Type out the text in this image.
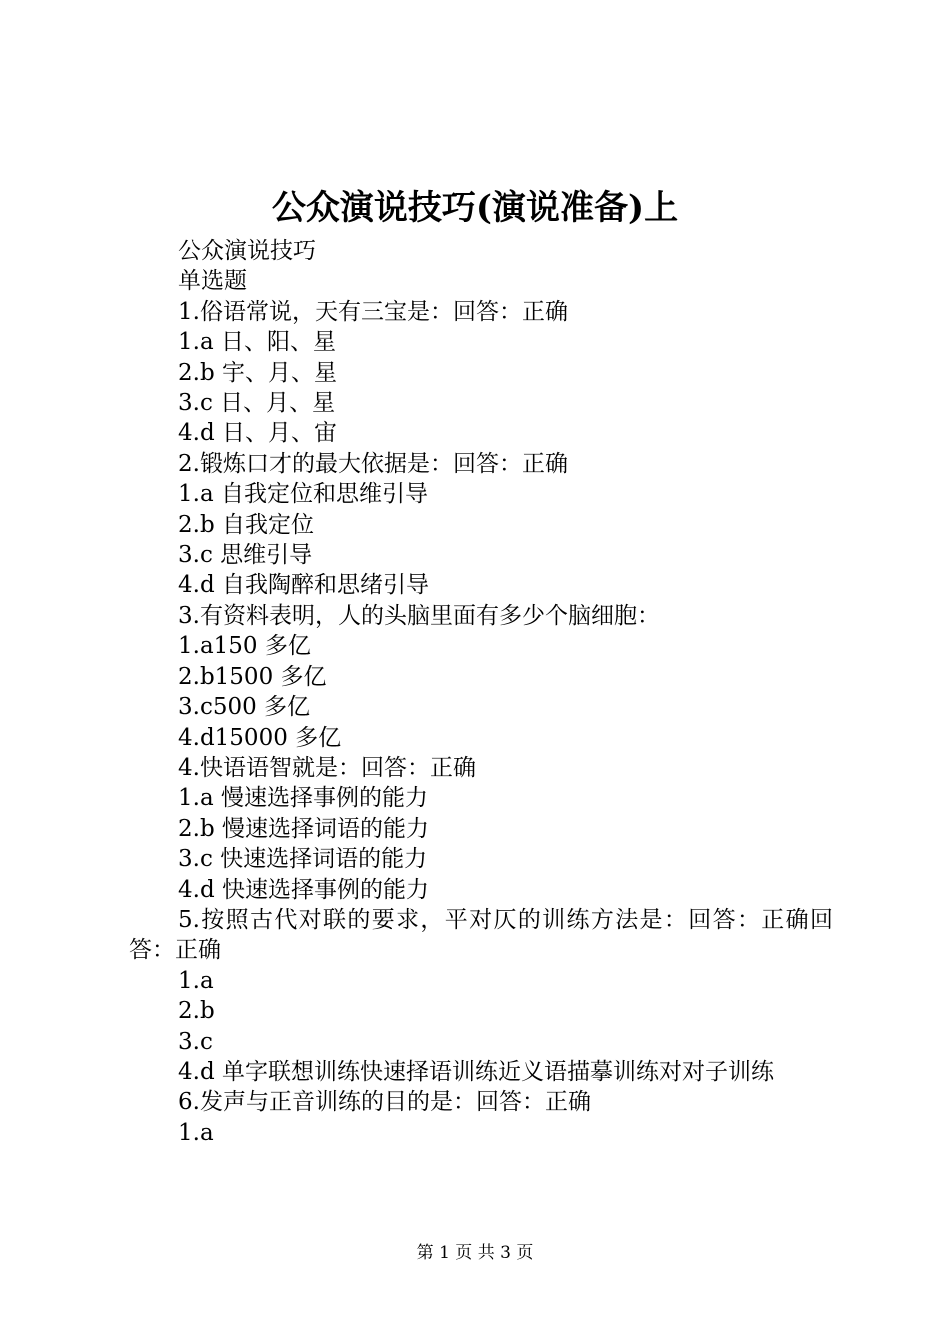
公众演说技巧(演说准备)上
公众演说技巧
单选题
1.俗语常说，天有三宝是：回答：正确
1.a 日、阳、星
2.b 宇、月、星
3.c 日、月、星
4.d 日、月、宙
2.锻炼口才的最大依据是：回答：正确
1.a 自我定位和思维引导
2.b 自我定位
3.c 思维引导
4.d 自我陶醉和思绪引导
3.有资料表明，人的头脑里面有多少个脑细胞：
1.a150 多亿
2.b1500 多亿
3.c500 多亿
4.d15000 多亿
4.快语语智就是：回答：正确
1.a 慢速选择事例的能力
2.b 慢速选择词语的能力
3.c 快速选择词语的能力
4.d 快速选择事例的能力
5.按照古代对联的要求，平对仄的训练方法是：回答：正确回答：正确
1.a
2.b
3.c
4.d 单字联想训练快速择语训练近义语描摹训练对对子训练
6.发声与正音训练的目的是：回答：正确
1.a
第 1 页 共 3 页
